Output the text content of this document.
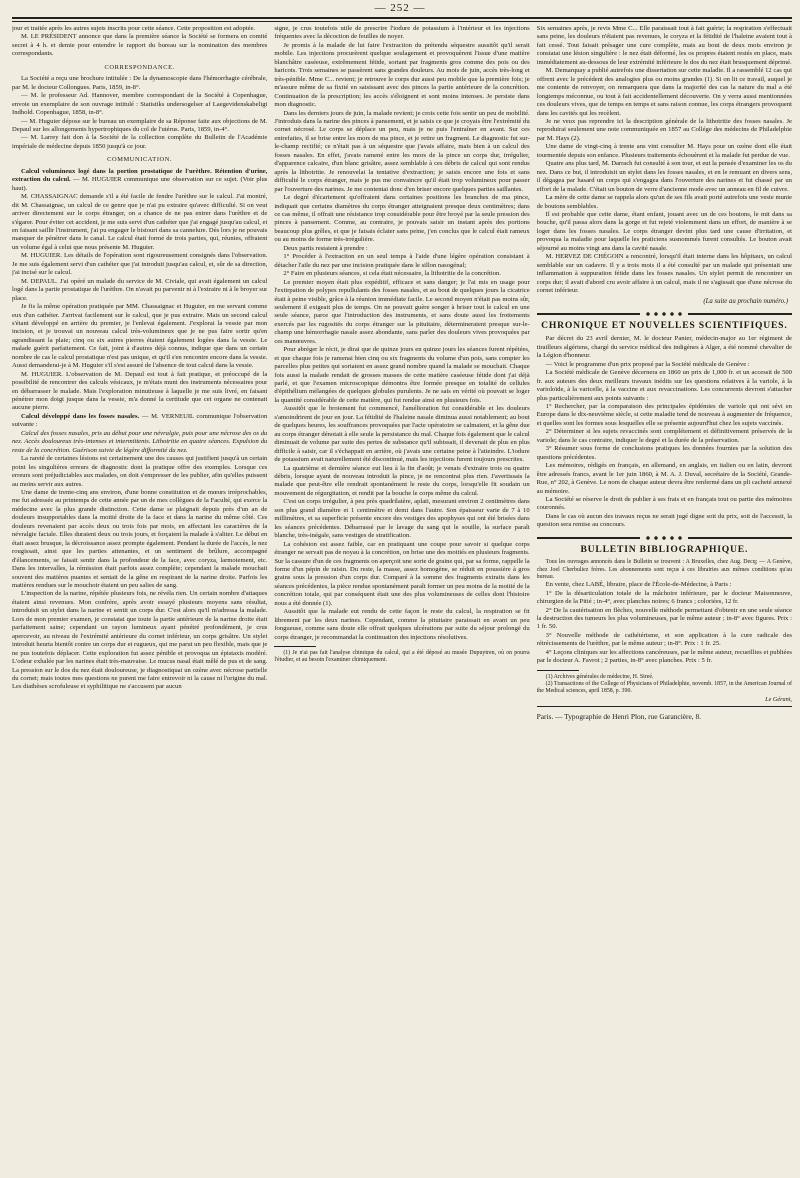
— 252 —

jour et traitée après les autres sujets inscrits pour cette séance. Cette proposition est adoptée.

M. LE PRÉSIDENT annonce que dans la première séance la Société se formera en comité secret à 4 h. et demie pour entendre le rapport du bureau sur la nomination des membres correspondants.

CORRESPONDANCE.

La Société a reçu une brochure intitulée : De la dynamoscopie dans l'hémorrhagie cérébrale, par M. le docteur Collongues. Paris, 1859, in-8°.

— M. le professeur Ad. Hannover, membre correspondant de la Société à Copenhague, envoie un exemplaire de son ouvrage intitulé : Statistiks undersogelser af Laegevidenskabeligt Indhold. Copenhague, 1858, in-8°.

— M. Huguier dépose sur le bureau un exemplaire de sa Réponse faite aux objections de M. Depaul sur les allongements hypertrophiques du col de l'utérus. Paris, 1859, in-4°.

— M. Larrey fait don à la Société de la collection complète du Bulletin de l'Académie impériale de médecine depuis 1850 jusqu'à ce jour.

COMMUNICATION.

Calcul volumineux logé dans la portion prostatique de l'urèthre. Rétention d'urine, extraction du calcul. — M. HUGUIER communique une observation sur ce sujet. (Voir plus haut).

M. CHASSAIGNAC demande s'il a été facile de fendre l'urèthre sur le calcul. J'ai montré, dit M. Chassaignac, un calcul de ce genre que je n'ai pu extraire qu'avec difficulté. Si on veut arriver directement sur le corps étranger, on a chance de ne pas entrer dans l'urèthre et de s'égarer. Pour éviter cet accident, je me suis servi d'un cathéter que j'ai engagé jusqu'au calcul, et en faisant saillir l'instrument, j'ai pu engager le bistouri dans sa cannelure. Dès lors je ne pouvais manquer de pénétrer dans le canal. Le calcul était formé de trois parties, qui, réunies, offraient un volume égal à celui que nous présente M. Huguier.

M. HUGUIER. Les détails de l'opération sont rigoureusement consignés dans l'observation. Je me suis également servi d'un cathéter que j'ai introduit jusqu'au calcul, et, sûr de sa direction, j'ai incisé sur le calcul.

M. DEPAUL. J'ai opéré un malade du service de M. Civiale, qui avait également un calcul logé dans la partie prostatique de l'urèthre. On n'avait pu parvenir ni à l'extraire ni à le broyer sur place.

Je fis la même opération pratiquée par MM. Chassaignac et Huguier, en me servant comme eux d'un cathéter. J'arrivai facilement sur le calcul, que je pus extraire. Mais un second calcul s'étant développé en arrière du premier, je l'enlevai également. J'explorai la vessie par mon incision, et je trouvai un nouveau calcul très-volumineux que je ne pus faire sortir qu'en agrandissant la plaie; cinq ou six autres pierres étaient également logées dans la vessie. Le malade guérit parfaitement. Ce fait, joint à d'autres déjà connus, indique que dans un certain nombre de cas le calcul prostatique n'est pas unique, et qu'il s'en rencontre encore dans la vessie. Aussi demanderai-je à M. Huguier s'il s'est assuré de l'absence de tout calcul dans la vessie.

M. HUGUIER. L'observation de M. Depaul est tout à fait pratique, et préoccupé de la possibilité de rencontrer des calculs vésicaux, je m'étais muni des instruments nécessaires pour en débarrasser le malade. Mais l'exploration minutieuse à laquelle je me suis livré, en faisant pénétrer mon doigt jusque dans la vessie, m'a donné la certitude que cet organe ne contenait aucune pierre.

Calcul développé dans les fosses nasales. — M. VERNEUIL communique l'observation suivante :

Calcul des fosses nasales, pris au début pour une névralgie, puis pour une nécrose des os du nez. Accès douloureux très-intenses et intermittents. Lithotritie en quatre séances. Expulsion du reste de la concrétion. Guérison suivie de légère difformité du nez.

La rareté de certaines lésions est certainement une des causes qui justifient jusqu'à un certain point les singulières erreurs de diagnostic dont la pratique offre des exemples. Lorsque ces erreurs sont préjudiciables aux malades, on doit s'empresser de les publier, afin qu'elles puissent au moins servir aux autres.

Une dame de trente-cinq ans environ, d'une bonne constitution et de mœurs irréprochables, me fut adressée au printemps de cette année par un de mes collègues de la Faculté, qui exerce la médecine avec la plus grande distinction. Cette dame se plaignait depuis près d'un an de douleurs insupportables dans la moitié droite de la face et dans la narine du même côté. Ces douleurs revenaient par accès deux ou trois fois par mois, en affectant les caractères de la névralgie faciale. Elles duraient deux ou trois jours, et forçaient la malade à s'aliter. Le début en était assez brusque, la décroissance assez prompte également. Pendant la durée de l'accès, le nez rougissait, ainsi que les parties attenantes, et un sentiment de brûlure, accompagné d'élancements, se faisait sentir dans la profondeur de la face, avec coryza, larmoiement, etc. Dans les intervalles, la rémission était parfois assez complète; cependant la malade mouchait souvent des matières puantes et sentait de la gêne en respirant de la narine droite. Parfois les matières rendues sur le mouchoir étaient un peu salies de sang.

L'inspection de la narine, répétée plusieurs fois, ne révéla rien. Un certain nombre d'attaques étaient ainsi revenues. Mon confrère, après avoir essayé plusieurs moyens sans résultat, introduisit un stylet dans la narine et sentit un corps dur. C'est alors qu'il m'adressa la malade. Lors de mon premier examen, je constatai que toute la partie antérieure de la narine droite était parfaitement saine; cependant un rayon lumineux ayant pénétré profondément, je crus apercevoir, au niveau de l'extrémité antérieure du cornet inférieur, un corps grisâtre. Un stylet introduit heurta bientôt contre un corps dur et rugueux, qui me parut un peu flexible, mais que je ne pus toutefois déplacer. Cette exploration fut assez pénible et provoqua un épistaxis modéré. L'odeur exhalée par les narines était très-mauvaise. Le mucus nasal était mêlé de pus et de sang. La pression sur le dos du nez était douloureuse, je diagnostiquai un ozène avec nécrose partielle du cornet; mais toutes mes questions ne purent me faire entrevoir ni la cause ni l'origine du mal. Les diathèses scrofuleuse et syphilitique ne s'accusent par aucun

signe, je crus toutefois utile de prescrire l'iodure de potassium à l'intérieur et les injections fréquentes avec la décoction de feuilles de noyer.

Je promis à la malade de lui faire l'extraction du prétendu séquestre aussitôt qu'il serait mobile. Les injections procurèrent quelque soulagement et provoquèrent l'issue d'une matière blanchâtre caséeuse, extrêmement fétide, sortant par fragments gros comme des pois ou des haricots. Trois semaines se passèrent sans grandes douleurs. Au mois de juin, accès très-long et très-pénible. Mme C... revient; je retrouve le corps dur aussi peu mobile que la première fois; je m'assure même de sa fixité en saisissant avec des pinces la partie antérieure de la concrétion. Continuation de la prescription; les accès s'éloignent et sont moins intenses. Je persiste dans mon diagnostic.

Dans les derniers jours de juin, la malade revient; je crois cette fois sentir un peu de mobilité. J'introduis dans la narine des pinces à pansement, et je saisis ce que je croyais être l'extrémité du cornet nécrosé. Le corps se déplace un peu, mais je ne puis l'entraîner en avant. Sur ces entrefaites, il se brise entre les mors de ma pince, et je retire un fragment. Le diagnostic fut sur-le-champ rectifié; ce n'était pas à un séquestre que j'avais affaire, mais bien à un calcul des fosses nasales. En effet, j'avais ramené entre les mors de la pince un corps dur, irrégulier, d'apparence calcaire, d'un blanc grisâtre, assez semblable à ces débris de calcul qui sont rendus après la lithotritie. Je renouvelai la tentative d'extraction; je saisis encore une fois et sans difficulté le corps étranger, mais je pus me convaincre qu'il était trop volumineux pour passer par l'ouverture des narines. Je me contentai donc d'en briser encore quelques parties saillantes.

Le degré d'écartement qu'offraient dans certaines positions les branches de ma pince, indiquait que certains diamètres du corps étranger atteignaient presque deux centimètres; dans ce cas même, il offrait une résistance trop considérable pour être broyé par la seule pression des pinces à pansement. Comme, au contraire, je pouvais saisir un instant après des portions beaucoup plus grêles, et que je faisais éclater sans peine, j'en conclus que le calcul était rameux ou au moins de forme très-irrégulière.

Deux partis restaient à prendre :

1° Procéder à l'extraction en un seul temps à l'aide d'une légère opération consistant à détacher l'aile du nez par une incision pratiquée dans le sillon nasogénal;

2° Faire en plusieurs séances, si cela était nécessaire, la lithotritie de la concrétion.

Le premier moyen était plus expéditif, efficace et sans danger; je l'ai mis en usage pour l'extirpation de polypes repullulants des fosses nasales, et au bout de quelques jours la cicatrice était à peine visible, grâce à la réunion immédiate facile. Le second moyen n'était pas moins sûr, seulement il exigeait plus de temps. On ne pouvait guère songer à briser tout le calcul en une seule séance, parce que l'introduction des instruments, et sans doute aussi les frottements exercés par les rugosités du corps étranger sur la pituitaire, détermineraient presque sur-le-champ une hémorrhagie nasale assez abondante, sans parler des douleurs vives provoquées par ces manœuvres.

Pour abréger le récit, je dirai que de quinze jours en quinze jours les séances furent répétées, et que chaque fois je ramenai bien cinq ou six fragments du volume d'un pois, sans compter les parcelles plus petites qui sortaient en assez grand nombre quand la malade se mouchait. Chaque fois aussi la malade rendait de grosses masses de cette matière caséeuse fétide dont j'ai déjà parlé, et que l'examen microscopique démontra être formée presque en totalité de cellules d'épithélium mélangées de quelques globules purulents. Je ne sais en vérité où pouvait se loger la quantité considérable de cette matière, qui fut rendue ainsi en plusieurs fois.

Aussitôt que le broiement fut commencé, l'amélioration fut considérable et les douleurs s'amoindrirent de jour en jour. La fétidité de l'haleine nasale diminua aussi notablement; au bout de quelques heures, les souffrances provoquées par l'acte opératoire se calmaient, et la gêne due au corps étranger dénotait à elle seule la persistance du mal. Chaque fois également que le calcul diminuait de volume par suite des pertes de substance qu'il subissait, il devenait de plus en plus difficile à saisir, car il s'échappait en arrière, où j'avais une certaine peine à l'atteindre. L'iodure de potassium avait naturellement été discontinué, mais les injections furent toujours prescrites.

La quatrième et dernière séance eut lieu à la fin d'août; je venais d'extraire trois ou quatre débris, lorsque ayant de nouveau introduit la pince, je ne rencontrai plus rien. J'avertissais la malade que peut-être elle rendrait spontanément le reste du corps, lorsqu'elle fit soudain un mouvement de régurgitation, et rendit par la bouche le corps même du calcul.

C'est un corps irrégulier, à peu près quadrilatère, aplati, mesurant environ 2 centimètres dans son plus grand diamètre et 1 centimètre et demi dans l'autre. Son épaisseur varie de 7 à 10 millimètres, et sa superficie présente encore des vestiges des apophyses qui ont été brisées dans les séances précédentes. Débarrassé par le lavage du sang qui le souille, la surface paraît blanche, très-inégale, sans vestiges de stratification.

La cohésion est assez faible, car en pratiquant une coupe pour savoir si quelque corps étranger ne servait pas de noyau à la concrétion, on brise une des moitiés en plusieurs fragments. Sur la cassure d'un de ces fragments on aperçoit une sorte de graine qui, par sa forme, rappelle la forme d'un pépin de raisin. Du reste, la masse, assez homogène, se réduit en poussière à gros grains sous la pression d'un corps dur. Comparé à la somme des fragments extraits dans les séances précédentes, la pièce rendue spontanément paraît former un peu moins de la moitié de la concrétion totale, qui par conséquent était une des plus volumineuses de celles dont l'histoire nous a été donnée (1).

Aussitôt que la malade eut rendu de cette façon le reste du calcul, la respiration se fit librement par les deux narines. Cependant, comme la pituitaire paraissait en avant un peu fongueuse, comme sans doute elle offrait quelques ulcérations par suite du séjour prolongé du corps étranger, je recommandai la continuation des injections résolutives.

(1) Je n'ai pas fait l'analyse chimique du calcul, qui a été déposé au musée Dupuytren, où on pourra l'étudier, et au besoin l'examiner chimiquement.

Six semaines après, je revis Mme C... Elle paraissait tout à fait guérie; la respiration s'effectuait sans peine, les douleurs n'étaient pas revenues, le coryza et la fétidité de l'haleine avaient tout à fait cessé. Tout faisait présager une cure complète, mais au bout de deux mois environ je constatai une lésion singulière : le nez était déformé, les os propres étaient restés en place, mais immédiatement au-dessous de leur extrémité inférieure le dos du nez était brusquement déprimé.

M. Demarquay a publié autrefois une dissertation sur cette maladie. Il a rassemblé 12 cas qui offrent avec le précédent des analogies plus ou moins grandes (1). Si on lit ce travail, auquel je me contente de renvoyer, on remarquera que dans la majorité des cas la nature du mal a été longtemps méconnue, ou tout à fait accidentellement découverte. On y verra aussi mentionnées ces douleurs vives, que de temps en temps et sans raison connue, les corps étrangers provoquent dans les cavités qui les recèlent.

Je ne veux pas reprendre ici la description générale de la lithotritie des fosses nasales. Je reproduirai seulement une note communiquée en 1857 au Collége des médecins de Philadelphie par M. Hays (2).

Une dame de vingt-cinq à trente ans vint consulter M. Hays pour un ozène dont elle était tourmentée depuis son enfance. Plusieurs traitements échouèrent et la malade fut perdue de vue.

Quatre ans plus tard, M. Darrach fut consulté à son tour, et eut la pensée d'examiner les os du nez. Dans ce but, il introduisit un stylet dans les fosses nasales, et en le remuant en divers sens, il dégagea par hasard un corps qui s'engagea dans l'ouverture des narines et fut chassé par un effort de la malade. C'était un bouton de verre d'ancienne mode avec un anneau en fil de cuivre.

La mère de cette dame se rappela alors qu'un de ses fils avait porté autrefois une veste munie de boutons semblables.

Il est probable que cette dame, étant enfant, jouant avec un de ces boutons, le mit dans sa bouche, qu'il passa alors dans la gorge et fut rejeté violemment dans un effort, de manière à se loger dans les fosses nasales. Le corps étranger devint plus tard une cause d'irritation, et provoqua la maladie pour laquelle les praticiens susnommés furent consultés. Le bouton avait séjourné au moins vingt ans dans la cavité nasale.

M. HERVEZ DE CHÉGOIN a rencontré, lorsqu'il était interne dans les hôpitaux, un calcul semblable sur un cadavre. Il y a trois mois il a été consulté par un malade qui présentait une inflammation à suppuration fétide dans les fosses nasales. Un stylet permit de rencontrer un corps dur; il avait d'abord cru avoir affaire à un calcul, mais il ne s'agissait que d'une nécrose du cornet inférieur.

(La suite au prochain numéro.)
CHRONIQUE ET NOUVELLES SCIENTIFIQUES.

Par décret du 23 avril dernier, M. le docteur Panier, médecin-major au 1er régiment de tirailleurs algériens, chargé du service médical des indigènes à Alger, a été nommé chevalier de la Légion d'honneur.

— Voici le programme d'un prix proposé par la Société médicale de Genève :

La Société médicale de Genève décernera en 1860 un prix de 1,000 fr. et un accessit de 500 fr. aux auteurs des deux meilleurs travaux inédits sur les questions relatives à la variole, à la varioloïde, à la varicelle, à la vaccine et aux revaccinations. Les concurrents devront s'attacher plus particulièrement aux points suivants :

1° Rechercher, par la comparaison des principales épidémies de variole qui ont sévi en Europe dans le dix-neuvième siècle, si cette maladie tend de nouveau à augmenter de fréquence, et quelles sont les formes sous lesquelles elle se présente aujourd'hui chez les sujets vaccinés.

2° Déterminer si les sujets revaccinés sont complétement et définitivement préservés de la variole; dans le cas contraire, indiquer le degré et la durée de la préservation.

3° Résumer sous forme de conclusions pratiques les données fournies par la solution des questions précédentes.

Les mémoires, rédigés en français, en allemand, en anglais, en italien ou en latin, devront être adressés francs, avant le 1er juin 1860, à M. A. J. Duval, secrétaire de la Société, Grande-Rue, n° 202, à Genève. Le nom de chaque auteur devra être renfermé dans un pli cacheté annexé au mémoire.

La Société se réserve le droit de publier à ses frais et en français tout ou partie des mémoires couronnés.

Dans le cas où aucun des travaux reçus ne serait jugé digne soit du prix, soit de l'accessit, la question sera remise au concours.

BULLETIN BIBLIOGRAPHIQUE.

Tous les ouvrages annoncés dans le Bulletin se trouvent : A Bruxelles, chez Aug. Decq; — A Genève, chez Joel Cherbuliez frères. Les abonnements sont reçus à ces librairies aux mêmes conditions qu'au bureau.

En vente, chez LABÉ, libraire, place de l'École-de-Médecine, à Paris :

1° De la désarticulation totale de la mâchoire inférieure, par le docteur Maisonneuve, chirurgien de la Pitié ; in-4°, avec planches noires; 6 francs ; coloriées, 12 fr.

2° De la cautérisation en flèches, nouvelle méthode permettant d'obtenir en une seule séance la destruction des tumeurs les plus volumineuses, par le même auteur ; in-8° avec figures. Prix : 1 fr. 50.

3° Nouvelle méthode de cathétérisme, et son application à la cure radicale des rétrécissements de l'urèthre, par le même auteur ; in-8°. Prix : 1 fr. 25.

4° Leçons cliniques sur les affections cancéreuses, par le même auteur, recueillies et publiées par le docteur A. Favrot ; 2 parties, in-8° avec planches. Prix : 5 fr.

(1) Archives générales de médecine, H. Sireé.

(2) Transactions of the College of Physicians of Philadelphie, novemb. 1857, in the American Journal of the Medical sciences, april 1858, p. 390.

Le Gérant,
Paris. — Typographie de Henri Plon, rue Garancière, 8.
